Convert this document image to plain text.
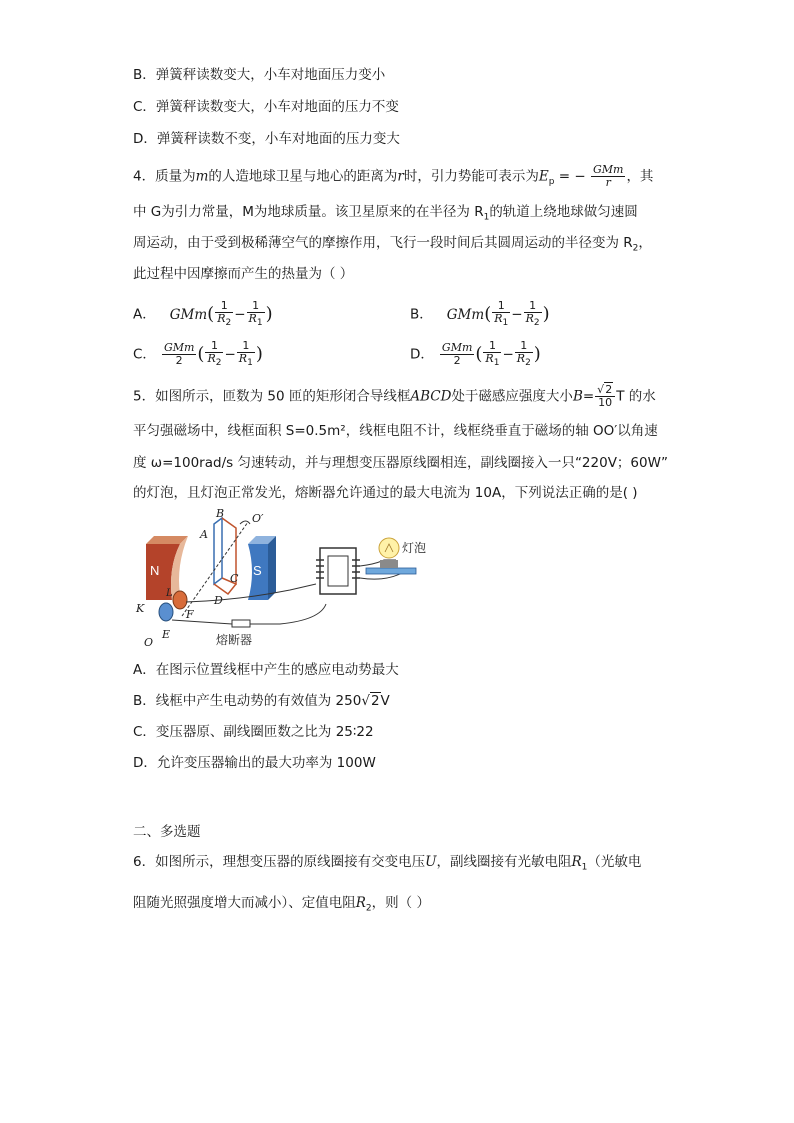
B．弹簧秤读数变大，小车对地面压力变小
C．弹簧秤读数变大，小车对地面的压力不变
D．弹簧秤读数不变，小车对地面的压力变大
4．质量为m的人造地球卫星与地心的距离为r时，引力势能可表示为$E_p$ = − $\frac{\text{GMm}}{r}$ ，其
中 G为引力常量，M为地球质量。该卫星原来的在半径为 $R_1$的轨道上绕地球做匀速圆
周运动，由于受到极稀薄空气的摩擦作用，飞行一段时间后其圆周运动的半径变为 $R_2$，
此过程中因摩擦而产生的热量为（ ）
A． $GMm( \frac{1}{R_2} - \frac{1}{R_1}$ )	B． $GMm( \frac{1}{R_1} - \frac{1}{R_2}$ )
C． $\frac{\text{GMm}}{2}$ ( $\frac{1}{R_2} - \frac{1}{R_1}$ )	D． $\frac{\text{GMm}}{2}$ ( $\frac{1}{R_1} - \frac{1}{R_2}$ )
5．如图所示，匝数为 50 匝的矩形闭合导线框ABCD处于磁感应强度大小$B= \frac{√2}{10}$ T 的水
平匀强磁场中，线框面积 S=0.5m²，线框电阻不计，线框绕垂直于磁场的轴 OO′以角速
度 ω=100rad/s 匀速转动，并与理想变压器原线圈相连，副线圈接入一只“220V；60W”
的灯泡，且灯泡正常发光，熔断器允许通过的最大电流为 10A，下列说法正确的是( )
N	S
A
B
C
D
O′
K
L
F
O
E	熔断器
灯泡
A．在图示位置线框中产生的感应电动势最大
B．线框中产生电动势的有效值为 250√2V
C．变压器原、副线圈匝数之比为 25∶22
D．允许变压器输出的最大功率为 100W
二、多选题
6．如图所示，理想变压器的原线圈接有交变电压U，副线圈接有光敏电阻$R_1$（光敏电
阻随光照强度增大而减小）、定值电阻$R_2$，则（ ）
